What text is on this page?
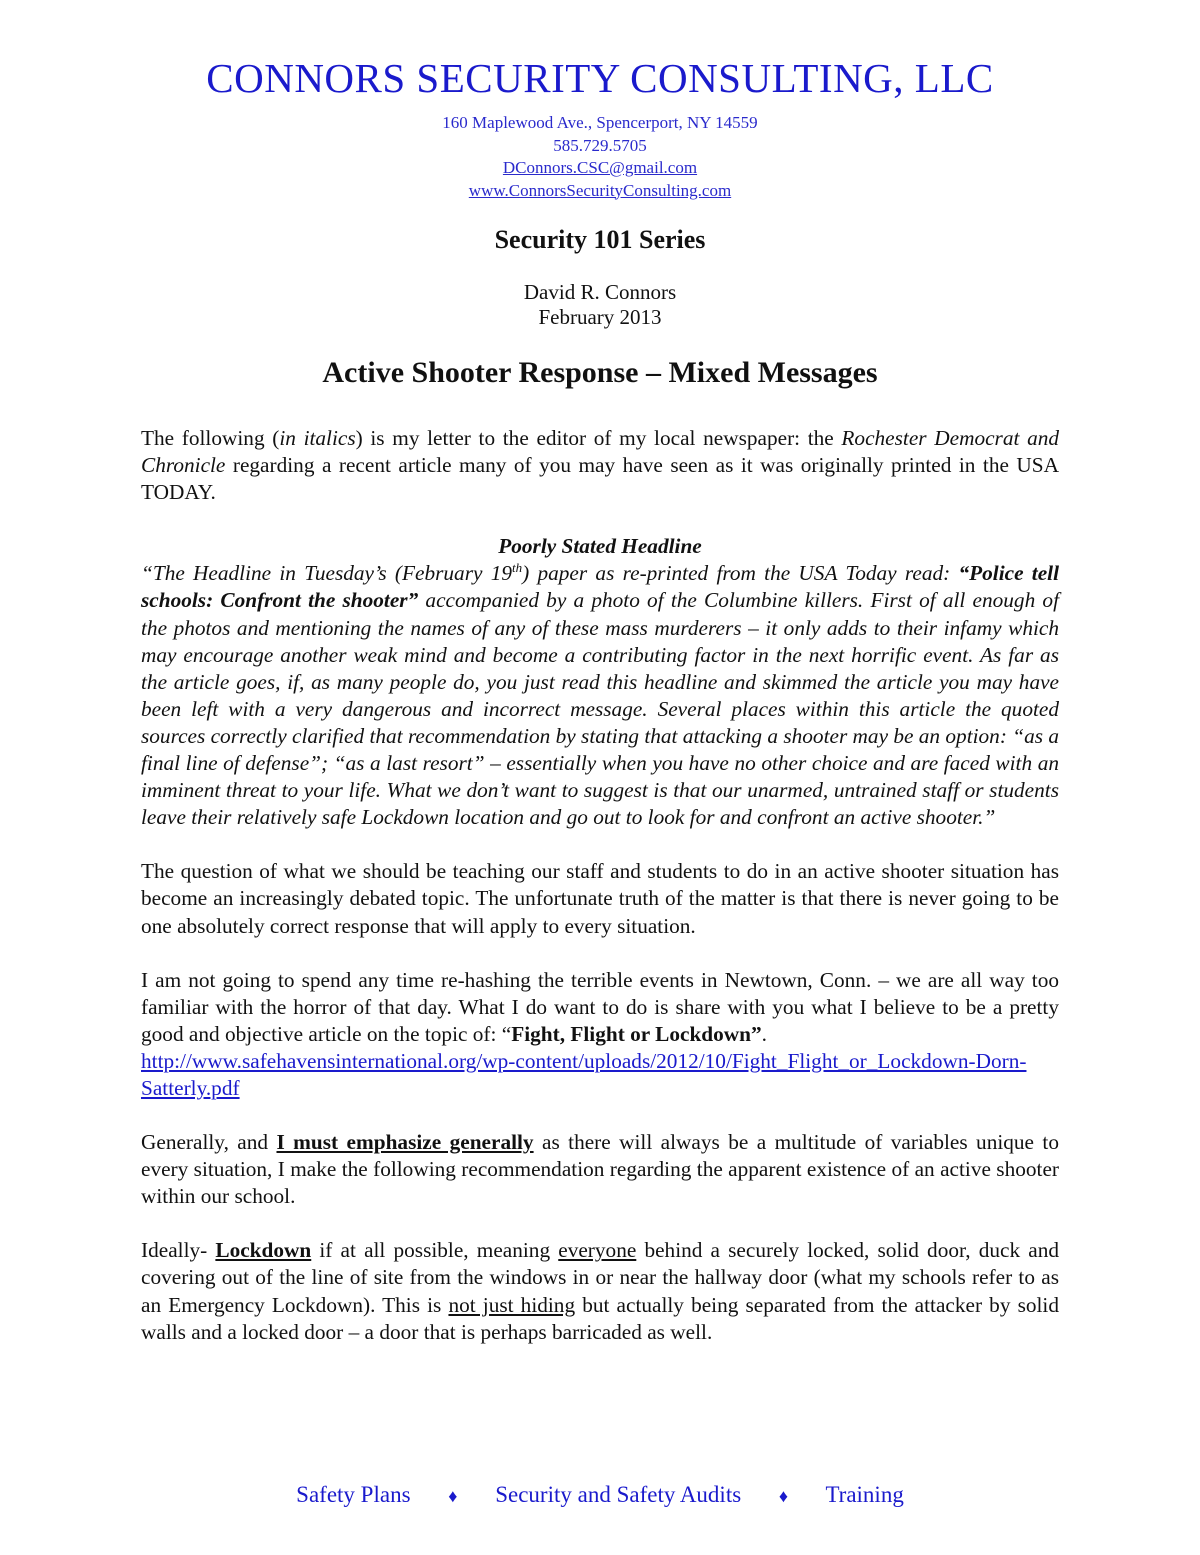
CONNORS SECURITY CONSULTING, LLC
160 Maplewood Ave., Spencerport, NY 14559
585.729.5705
DConnors.CSC@gmail.com
www.ConnorsSecurityConsulting.com
Security 101 Series
David R. Connors
February 2013
Active Shooter Response – Mixed Messages

The following (in italics) is my letter to the editor of my local newspaper: the Rochester Democrat and Chronicle regarding a recent article many of you may have seen as it was originally printed in the USA TODAY.

Poorly Stated Headline

“The Headline in Tuesday’s (February 19th) paper as re-printed from the USA Today read: “Police tell schools: Confront the shooter” accompanied by a photo of the Columbine killers. First of all enough of the photos and mentioning the names of any of these mass murderers – it only adds to their infamy which may encourage another weak mind and become a contributing factor in the next horrific event. As far as the article goes, if, as many people do, you just read this headline and skimmed the article you may have been left with a very dangerous and incorrect message. Several places within this article the quoted sources correctly clarified that recommendation by stating that attacking a shooter may be an option: “as a final line of defense”; “as a last resort” – essentially when you have no other choice and are faced with an imminent threat to your life. What we don’t want to suggest is that our unarmed, untrained staff or students leave their relatively safe Lockdown location and go out to look for and confront an active shooter.”

The question of what we should be teaching our staff and students to do in an active shooter situation has become an increasingly debated topic. The unfortunate truth of the matter is that there is never going to be one absolutely correct response that will apply to every situation.

I am not going to spend any time re-hashing the terrible events in Newtown, Conn. – we are all way too familiar with the horror of that day. What I do want to do is share with you what I believe to be a pretty good and objective article on the topic of: “Fight, Flight or Lockdown”.
http://www.safehavensinternational.org/wp-content/uploads/2012/10/Fight_Flight_or_Lockdown-Dorn-Satterly.pdf

Generally, and I must emphasize generally as there will always be a multitude of variables unique to every situation, I make the following recommendation regarding the apparent existence of an active shooter within our school.

Ideally- Lockdown if at all possible, meaning everyone behind a securely locked, solid door, duck and covering out of the line of site from the windows in or near the hallway door (what my schools refer to as an Emergency Lockdown). This is not just hiding but actually being separated from the attacker by solid walls and a locked door – a door that is perhaps barricaded as well.

Safety Plans ♦ Security and Safety Audits ♦ Training
